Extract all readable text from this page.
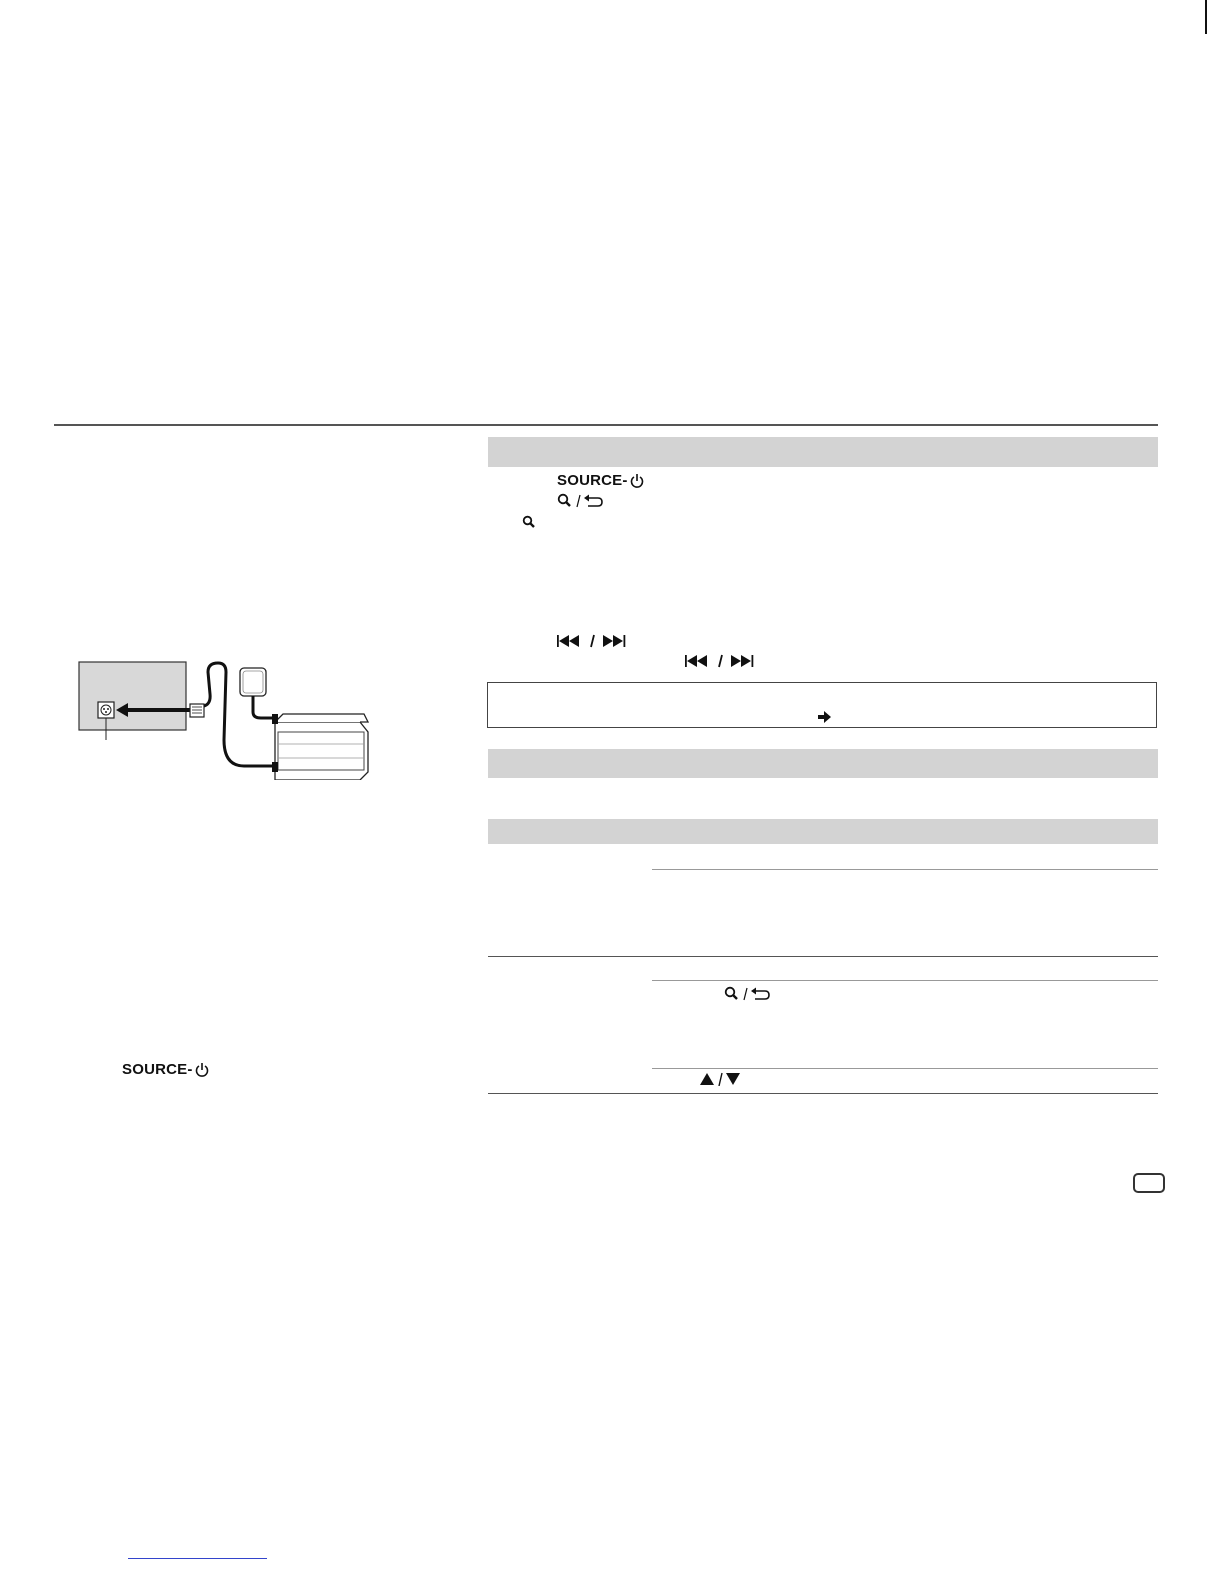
SOURCE-
SOURCE-
